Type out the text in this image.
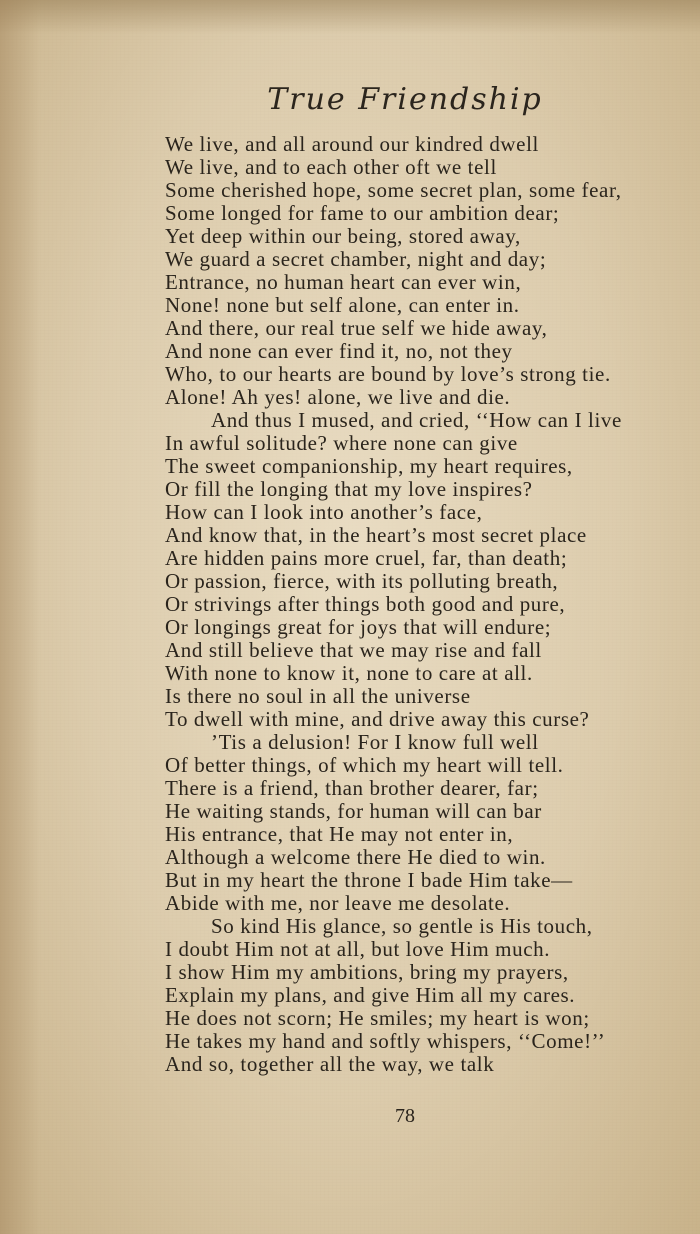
True Friendship
We live, and all around our kindred dwell
We live, and to each other oft we tell
Some cherished hope, some secret plan, some fear,
Some longed for fame to our ambition dear;
Yet deep within our being, stored away,
We guard a secret chamber, night and day;
Entrance, no human heart can ever win,
None! none but self alone, can enter in.
And there, our real true self we hide away,
And none can ever find it, no, not they
Who, to our hearts are bound by love’s strong tie.
Alone! Ah yes! alone, we live and die.
And thus I mused, and cried, ‘‘How can I live
In awful solitude? where none can give
The sweet companionship, my heart requires,
Or fill the longing that my love inspires?
How can I look into another’s face,
And know that, in the heart’s most secret place
Are hidden pains more cruel, far, than death;
Or passion, fierce, with its polluting breath,
Or strivings after things both good and pure,
Or longings great for joys that will endure;
And still believe that we may rise and fall
With none to know it, none to care at all.
Is there no soul in all the universe
To dwell with mine, and drive away this curse?
’Tis a delusion! For I know full well
Of better things, of which my heart will tell.
There is a friend, than brother dearer, far;
He waiting stands, for human will can bar
His entrance, that He may not enter in,
Although a welcome there He died to win.
But in my heart the throne I bade Him take—
Abide with me, nor leave me desolate.
So kind His glance, so gentle is His touch,
I doubt Him not at all, but love Him much.
I show Him my ambitions, bring my prayers,
Explain my plans, and give Him all my cares.
He does not scorn; He smiles; my heart is won;
He takes my hand and softly whispers, ‘‘Come!’’
And so, together all the way, we talk
78
